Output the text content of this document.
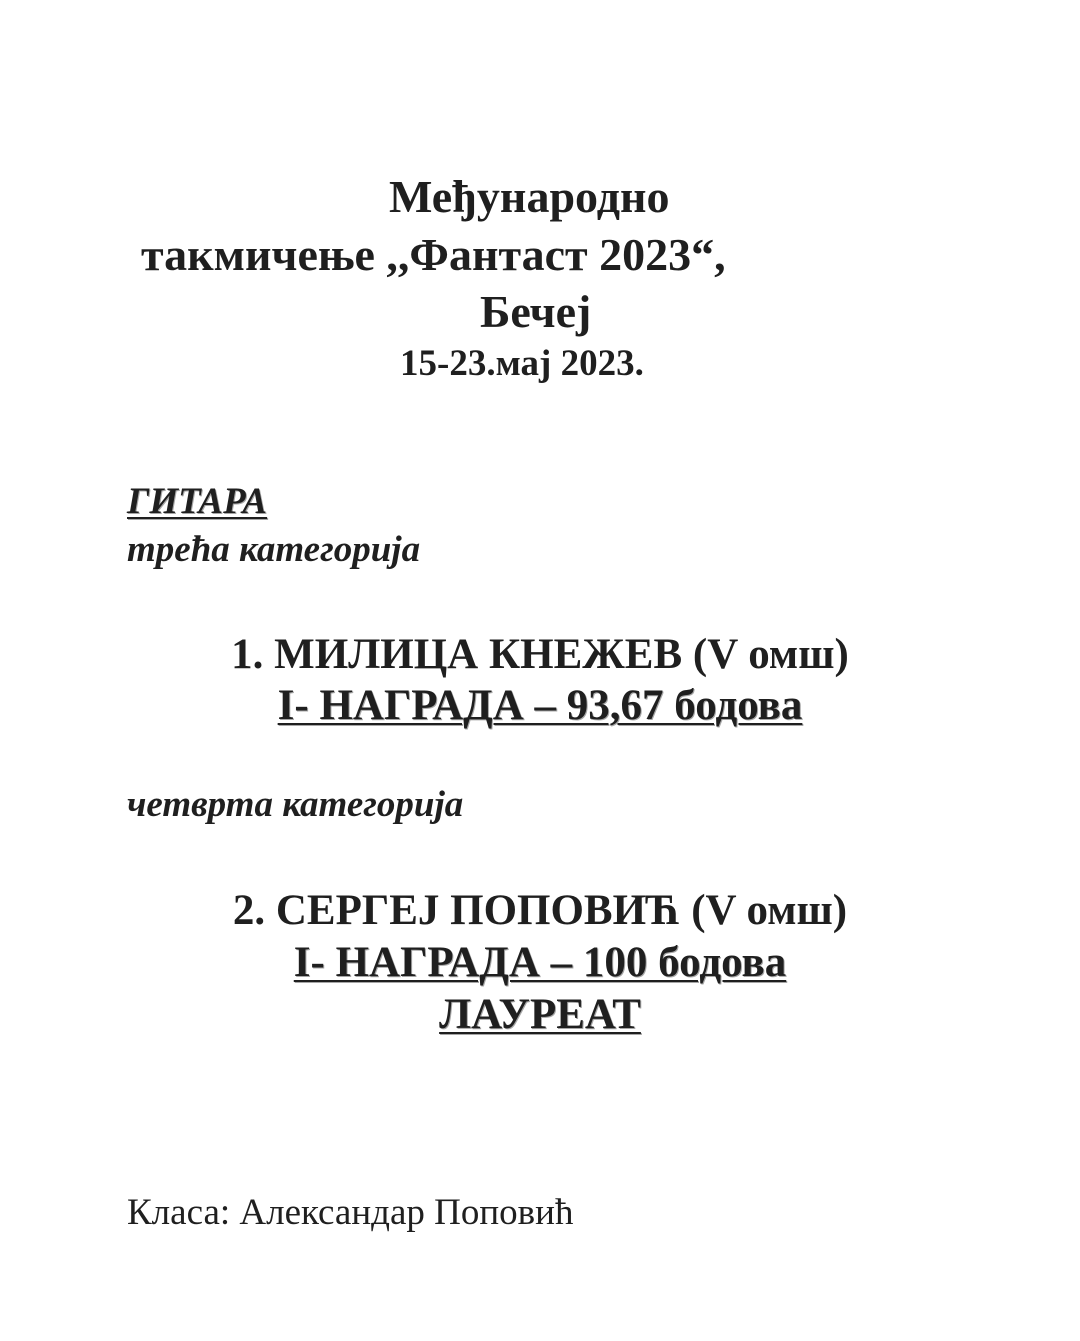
Међународно

такмичење ,,Фантаст 2023“,

Бечеј

15-23.мај 2023.

ГИТАРА

трећа категорија

1. МИЛИЦА КНЕЖЕВ (V омш)

I- НАГРАДА – 93,67 бодова

четврта категорија

2. СЕРГЕЈ ПОПОВИЋ (V омш)

I- НАГРАДА – 100 бодова

ЛАУРЕАТ

Класа: Александар Поповић
